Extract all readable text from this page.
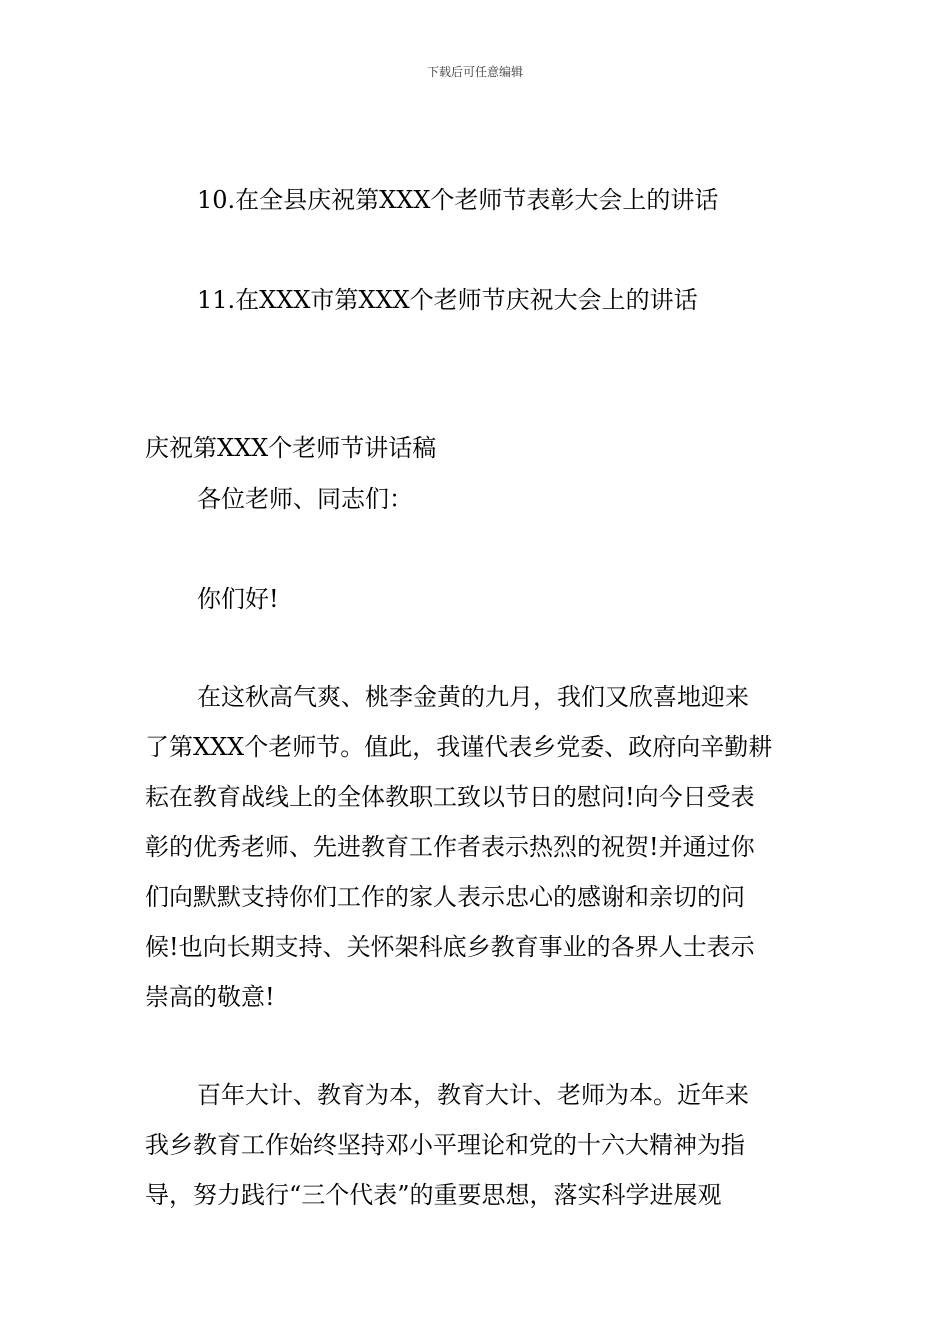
下载后可任意编辑
10.在全县庆祝第XXX个老师节表彰大会上的讲话
11.在XXX市第XXX个老师节庆祝大会上的讲话
庆祝第XXX个老师节讲话稿
各位老师、同志们：
你们好!
在这秋高气爽、桃李金黄的九月，我们又欣喜地迎来
了第XXX个老师节。值此，我谨代表乡党委、政府向辛勤耕
耘在教育战线上的全体教职工致以节日的慰问!向今日受表
彰的优秀老师、先进教育工作者表示热烈的祝贺!并通过你
们向默默支持你们工作的家人表示忠心的感谢和亲切的问
候!也向长期支持、关怀架科底乡教育事业的各界人士表示
崇高的敬意!
百年大计、教育为本，教育大计、老师为本。近年来
我乡教育工作始终坚持邓小平理论和党的十六大精神为指
导，努力践行“三个代表”的重要思想，落实科学进展观
